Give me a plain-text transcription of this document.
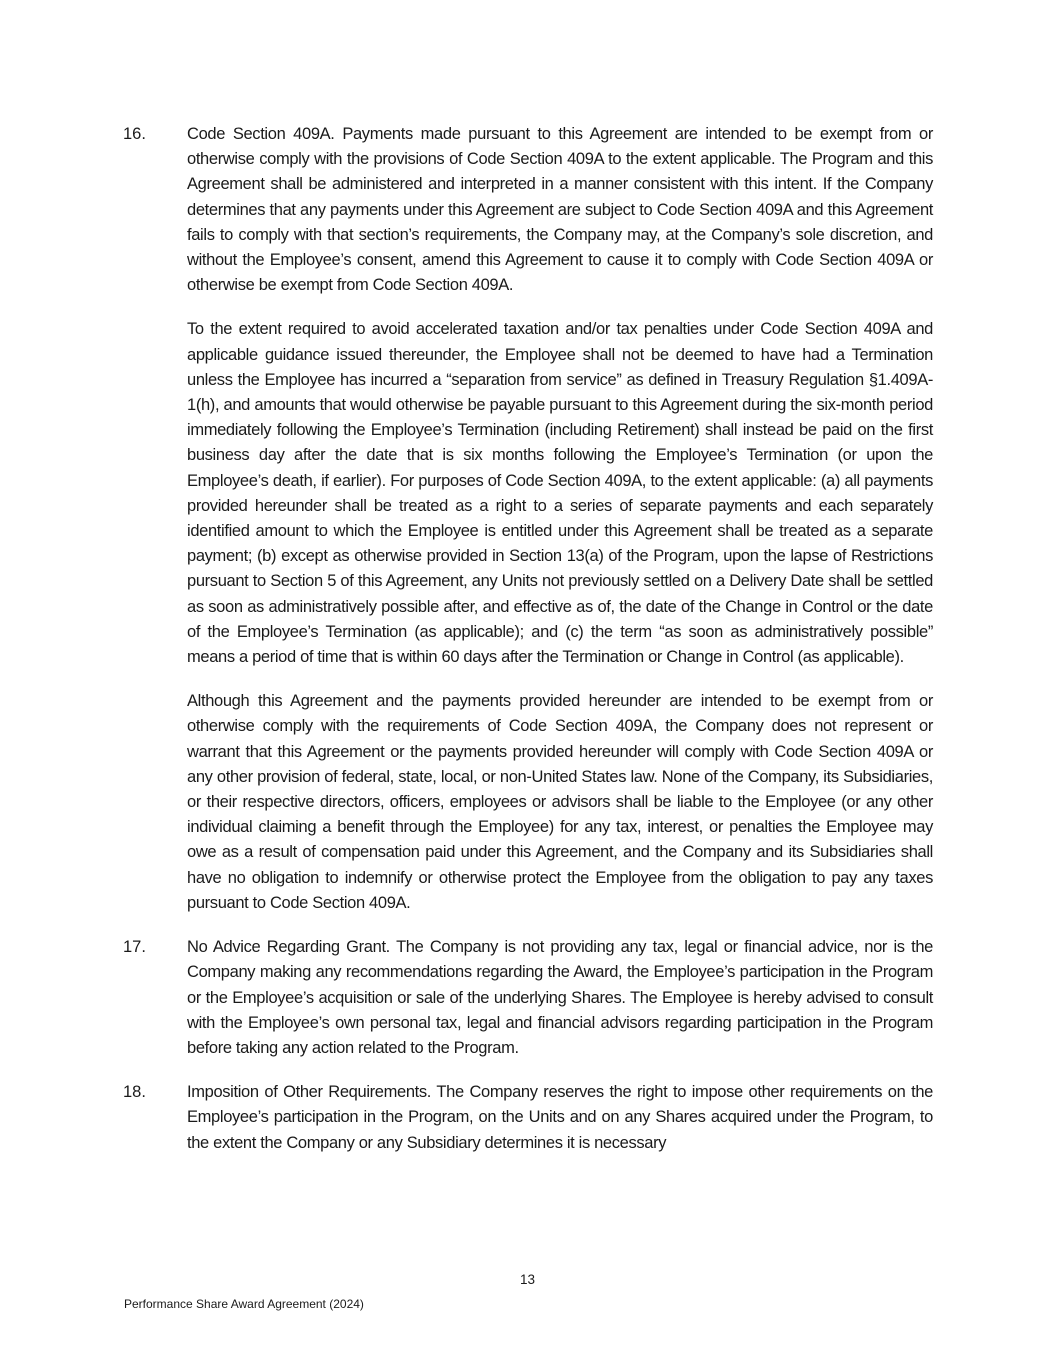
16.	Code Section 409A. Payments made pursuant to this Agreement are intended to be exempt from or otherwise comply with the provisions of Code Section 409A to the extent applicable. The Program and this Agreement shall be administered and interpreted in a manner consistent with this intent. If the Company determines that any payments under this Agreement are subject to Code Section 409A and this Agreement fails to comply with that section’s requirements, the Company may, at the Company’s sole discretion, and without the Employee’s consent, amend this Agreement to cause it to comply with Code Section 409A or otherwise be exempt from Code Section 409A.

To the extent required to avoid accelerated taxation and/or tax penalties under Code Section 409A and applicable guidance issued thereunder, the Employee shall not be deemed to have had a Termination unless the Employee has incurred a “separation from service” as defined in Treasury Regulation §1.409A-1(h), and amounts that would otherwise be payable pursuant to this Agreement during the six-month period immediately following the Employee’s Termination (including Retirement) shall instead be paid on the first business day after the date that is six months following the Employee’s Termination (or upon the Employee’s death, if earlier). For purposes of Code Section 409A, to the extent applicable: (a) all payments provided hereunder shall be treated as a right to a series of separate payments and each separately identified amount to which the Employee is entitled under this Agreement shall be treated as a separate payment; (b) except as otherwise provided in Section 13(a) of the Program, upon the lapse of Restrictions pursuant to Section 5 of this Agreement, any Units not previously settled on a Delivery Date shall be settled as soon as administratively possible after, and effective as of, the date of the Change in Control or the date of the Employee’s Termination (as applicable); and (c) the term “as soon as administratively possible” means a period of time that is within 60 days after the Termination or Change in Control (as applicable).

Although this Agreement and the payments provided hereunder are intended to be exempt from or otherwise comply with the requirements of Code Section 409A, the Company does not represent or warrant that this Agreement or the payments provided hereunder will comply with Code Section 409A or any other provision of federal, state, local, or non-United States law. None of the Company, its Subsidiaries, or their respective directors, officers, employees or advisors shall be liable to the Employee (or any other individual claiming a benefit through the Employee) for any tax, interest, or penalties the Employee may owe as a result of compensation paid under this Agreement, and the Company and its Subsidiaries shall have no obligation to indemnify or otherwise protect the Employee from the obligation to pay any taxes pursuant to Code Section 409A.

17.	No Advice Regarding Grant. The Company is not providing any tax, legal or financial advice, nor is the Company making any recommendations regarding the Award, the Employee’s participation in the Program or the Employee’s acquisition or sale of the underlying Shares. The Employee is hereby advised to consult with the Employee’s own personal tax, legal and financial advisors regarding participation in the Program before taking any action related to the Program.

18.	Imposition of Other Requirements. The Company reserves the right to impose other requirements on the Employee’s participation in the Program, on the Units and on any Shares acquired under the Program, to the extent the Company or any Subsidiary determines it is necessary

13
Performance Share Award Agreement (2024)
